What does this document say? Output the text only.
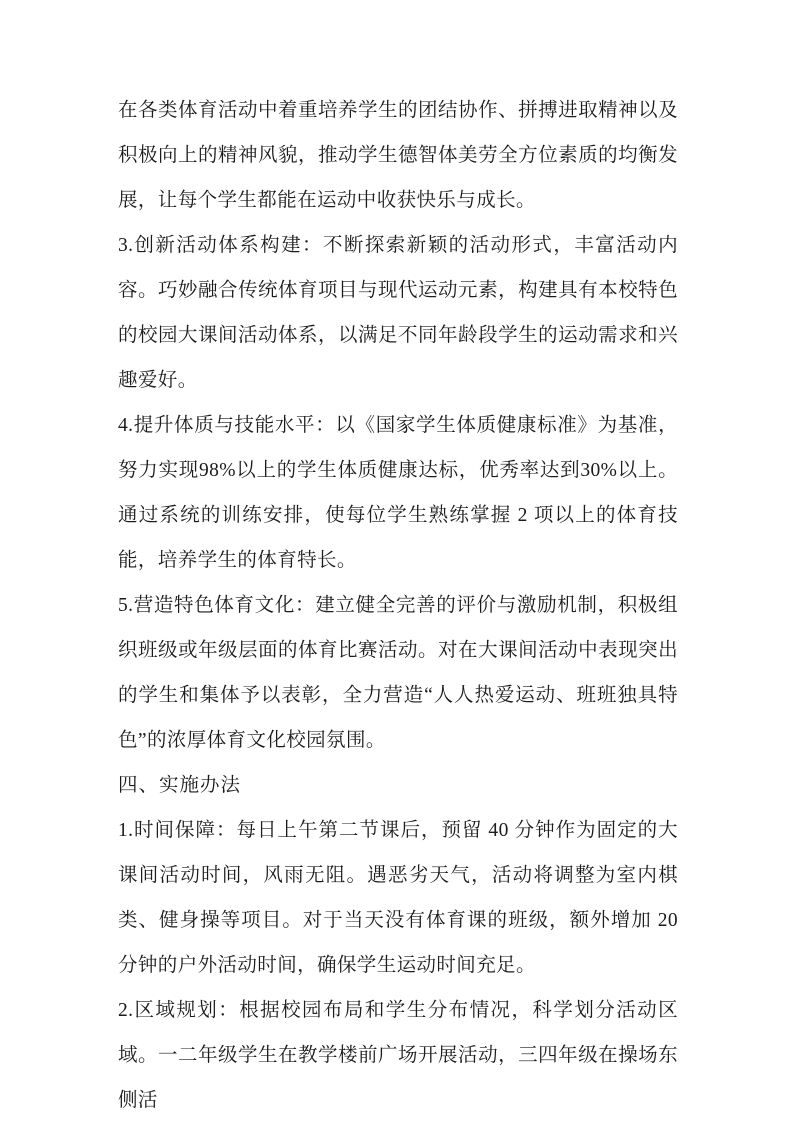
在各类体育活动中着重培养学生的团结协作、拼搏进取精神以及积极向上的精神风貌，推动学生德智体美劳全方位素质的均衡发展，让每个学生都能在运动中收获快乐与成长。

3.创新活动体系构建：不断探索新颖的活动形式，丰富活动内容。巧妙融合传统体育项目与现代运动元素，构建具有本校特色的校园大课间活动体系，以满足不同年龄段学生的运动需求和兴趣爱好。

4.提升体质与技能水平：以《国家学生体质健康标准》为基准，努力实现98%以上的学生体质健康达标，优秀率达到30%以上。通过系统的训练安排，使每位学生熟练掌握 2 项以上的体育技能，培养学生的体育特长。

5.营造特色体育文化：建立健全完善的评价与激励机制，积极组织班级或年级层面的体育比赛活动。对在大课间活动中表现突出的学生和集体予以表彰，全力营造“人人热爱运动、班班独具特色”的浓厚体育文化校园氛围。

四、实施办法

1.时间保障：每日上午第二节课后，预留 40 分钟作为固定的大课间活动时间，风雨无阻。遇恶劣天气，活动将调整为室内棋类、健身操等项目。对于当天没有体育课的班级，额外增加 20 分钟的户外活动时间，确保学生运动时间充足。

2.区域规划：根据校园布局和学生分布情况，科学划分活动区域。一二年级学生在教学楼前广场开展活动，三四年级在操场东侧活
